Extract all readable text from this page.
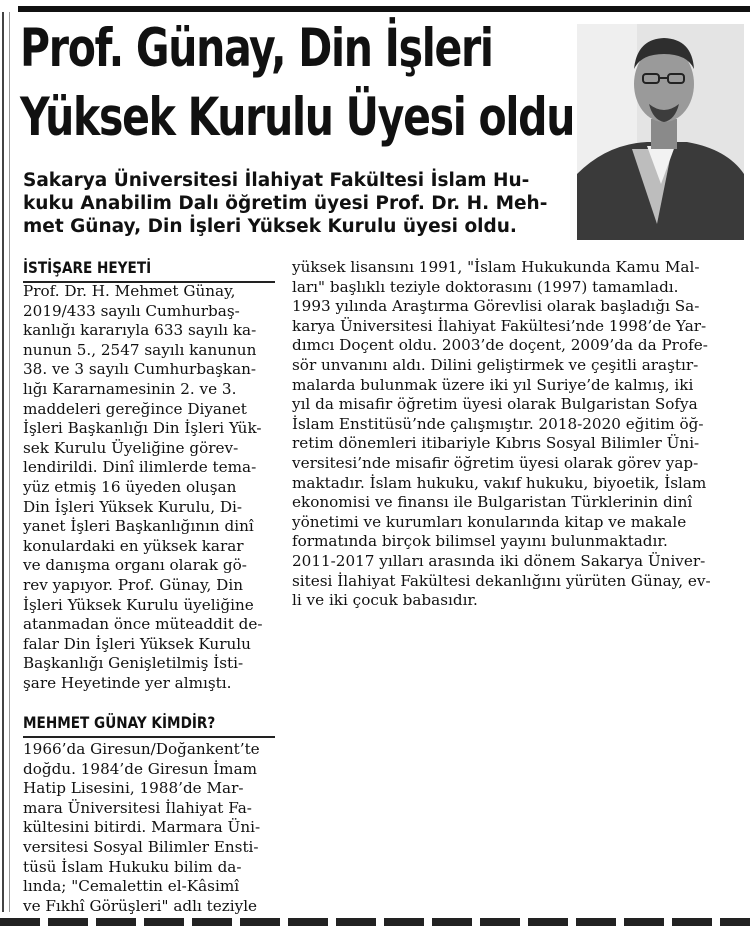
Prof. Günay, Din İşleri
Yüksek Kurulu Üyesi oldu
Sakarya Üniversitesi İlahiyat Fakültesi İslam Hu-
kuku Anabilim Dalı öğretim üyesi Prof. Dr. H. Meh-
met Günay, Din İşleri Yüksek Kurulu üyesi oldu.
İSTİŞARE HEYETİ
Prof. Dr. H. Mehmet Günay,
2019/433 sayılı Cumhurbaş-
kanlığı kararıyla 633 sayılı ka-
nunun 5., 2547 sayılı kanunun
38. ve 3 sayılı Cumhurbaşkan-
lığı Kararnamesinin 2. ve 3.
maddeleri gereğince Diyanet
İşleri Başkanlığı Din İşleri Yük-
sek Kurulu Üyeliğine görev-
lendirildi. Dinî ilimlerde tema-
yüz etmiş 16 üyeden oluşan
Din İşleri Yüksek Kurulu, Di-
yanet İşleri Başkanlığının dinî
konulardaki en yüksek karar
ve danışma organı olarak gö-
rev yapıyor. Prof. Günay, Din
İşleri Yüksek Kurulu üyeliğine
atanmadan önce müteaddit de-
falar Din İşleri Yüksek Kurulu
Başkanlığı Genişletilmiş İstі-
şare Heyetinde yer almıştı.
MEHMET GÜNAY KİMDİR?
1966’da Giresun/Doğankent’te
doğdu. 1984’de Giresun İmam
Hatip Lisesini, 1988’de Mar-
mara Üniversitesi İlahiyat Fa-
kültesini bitirdi. Marmara Üni-
versitesi Sosyal Bilimler Ensti-
tüsü İslam Hukuku bilim da-
lında; "Cemalettin el-Kâsimî
ve Fıkhî Görüşleri" adlı teziyle
yüksek lisansını 1991, "İslam Hukukunda Kamu Mal-
ları" başlıklı teziyle doktorasını (1997) tamamladı.
1993 yılında Araştırma Görevlisi olarak başladığı Sa-
karya Üniversitesi İlahiyat Fakültesi’nde 1998’de Yar-
dımcı Doçent oldu. 2003’de doçent, 2009’da da Profe-
sör unvanını aldı. Dilini geliştirmek ve çeşitli araştır-
malarda bulunmak üzere iki yıl Suriye’de kalmış, iki
yıl da misafir öğretim üyesi olarak Bulgaristan Sofya
İslam Enstitüsü’nde çalışmıştır. 2018-2020 eğitim öğ-
retim dönemleri itibariyle Kıbrıs Sosyal Bilimler Üni-
versitesi’nde misafir öğretim üyesi olarak görev yap-
maktadır. İslam hukuku, vakıf hukuku, biyoetik, İslam
ekonomisi ve finansı ile Bulgaristan Türklerinin dinî
yönetimi ve kurumları konularında kitap ve makale
formatında birçok bilimsel yayını bulunmaktadır.
2011-2017 yılları arasında iki dönem Sakarya Üniver-
sitesi İlahiyat Fakültesi dekanlığını yürüten Günay, ev-
li ve iki çocuk babasıdır.
